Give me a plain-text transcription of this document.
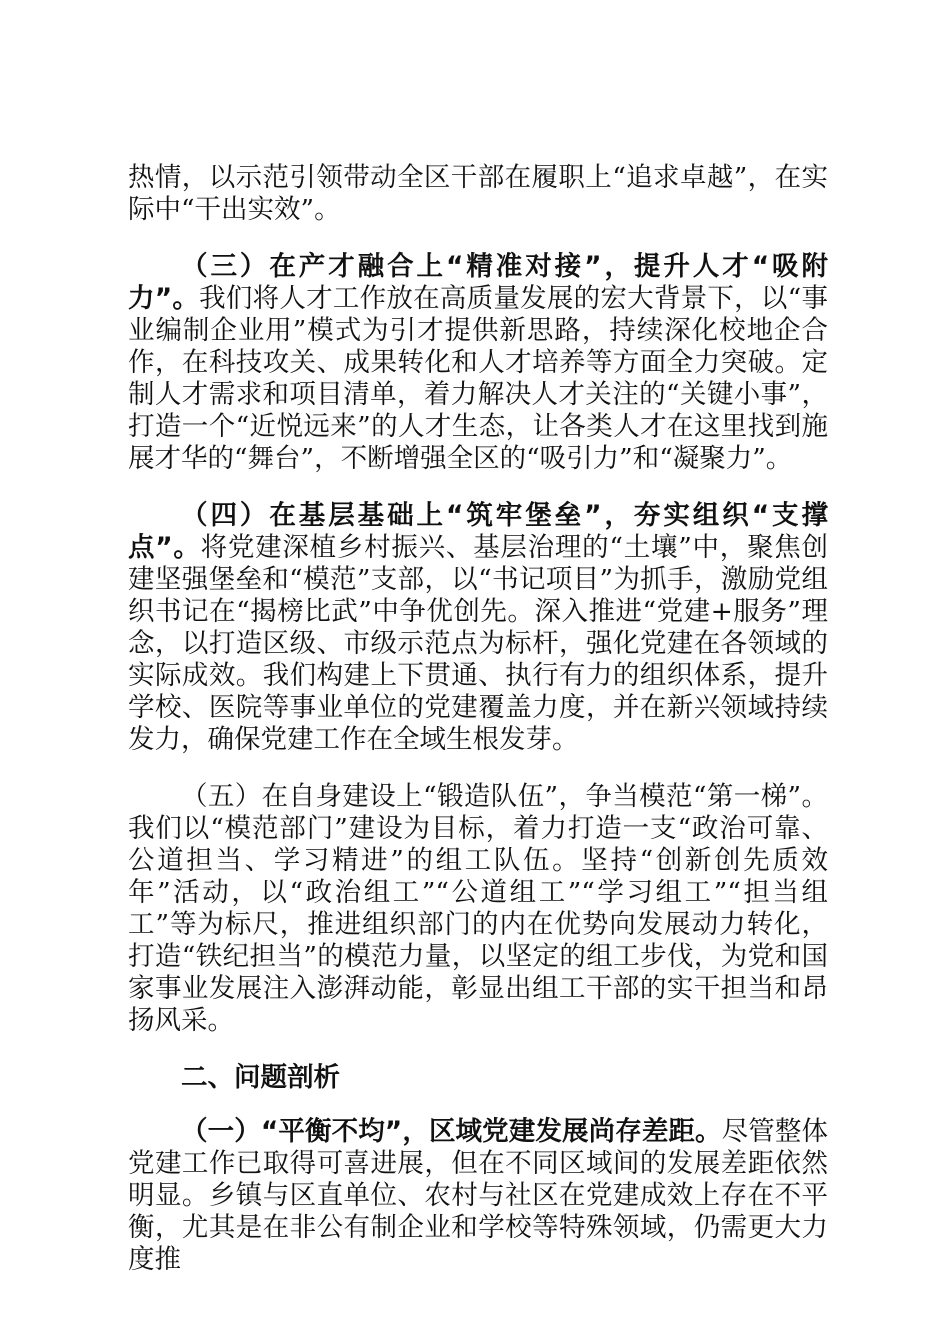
热情，以示范引领带动全区干部在履职上“追求卓越”，在实际中“干出实效”。

（三）在产才融合上“精准对接”，提升人才“吸附力”。我们将人才工作放在高质量发展的宏大背景下，以“事业编制企业用”模式为引才提供新思路，持续深化校地企合作，在科技攻关、成果转化和人才培养等方面全力突破。定制人才需求和项目清单，着力解决人才关注的“关键小事”，打造一个“近悦远来”的人才生态，让各类人才在这里找到施展才华的“舞台”，不断增强全区的“吸引力”和“凝聚力”。

（四）在基层基础上“筑牢堡垒”，夯实组织“支撑点”。将党建深植乡村振兴、基层治理的“土壤”中，聚焦创建坚强堡垒和“模范”支部，以“书记项目”为抓手，激励党组织书记在“揭榜比武”中争优创先。深入推进“党建+服务”理念，以打造区级、市级示范点为标杆，强化党建在各领域的实际成效。我们构建上下贯通、执行有力的组织体系，提升学校、医院等事业单位的党建覆盖力度，并在新兴领域持续发力，确保党建工作在全域生根发芽。

（五）在自身建设上“锻造队伍”，争当模范“第一梯”。我们以“模范部门”建设为目标，着力打造一支“政治可靠、公道担当、学习精进”的组工队伍。坚持“创新创先质效年”活动，以“政治组工”“公道组工”“学习组工”“担当组工”等为标尺，推进组织部门的内在优势向发展动力转化，打造“铁纪担当”的模范力量，以坚定的组工步伐，为党和国家事业发展注入澎湃动能，彰显出组工干部的实干担当和昂扬风采。

二、问题剖析

（一）“平衡不均”，区域党建发展尚存差距。尽管整体党建工作已取得可喜进展，但在不同区域间的发展差距依然明显。乡镇与区直单位、农村与社区在党建成效上存在不平衡，尤其是在非公有制企业和学校等特殊领域，仍需更大力度推
